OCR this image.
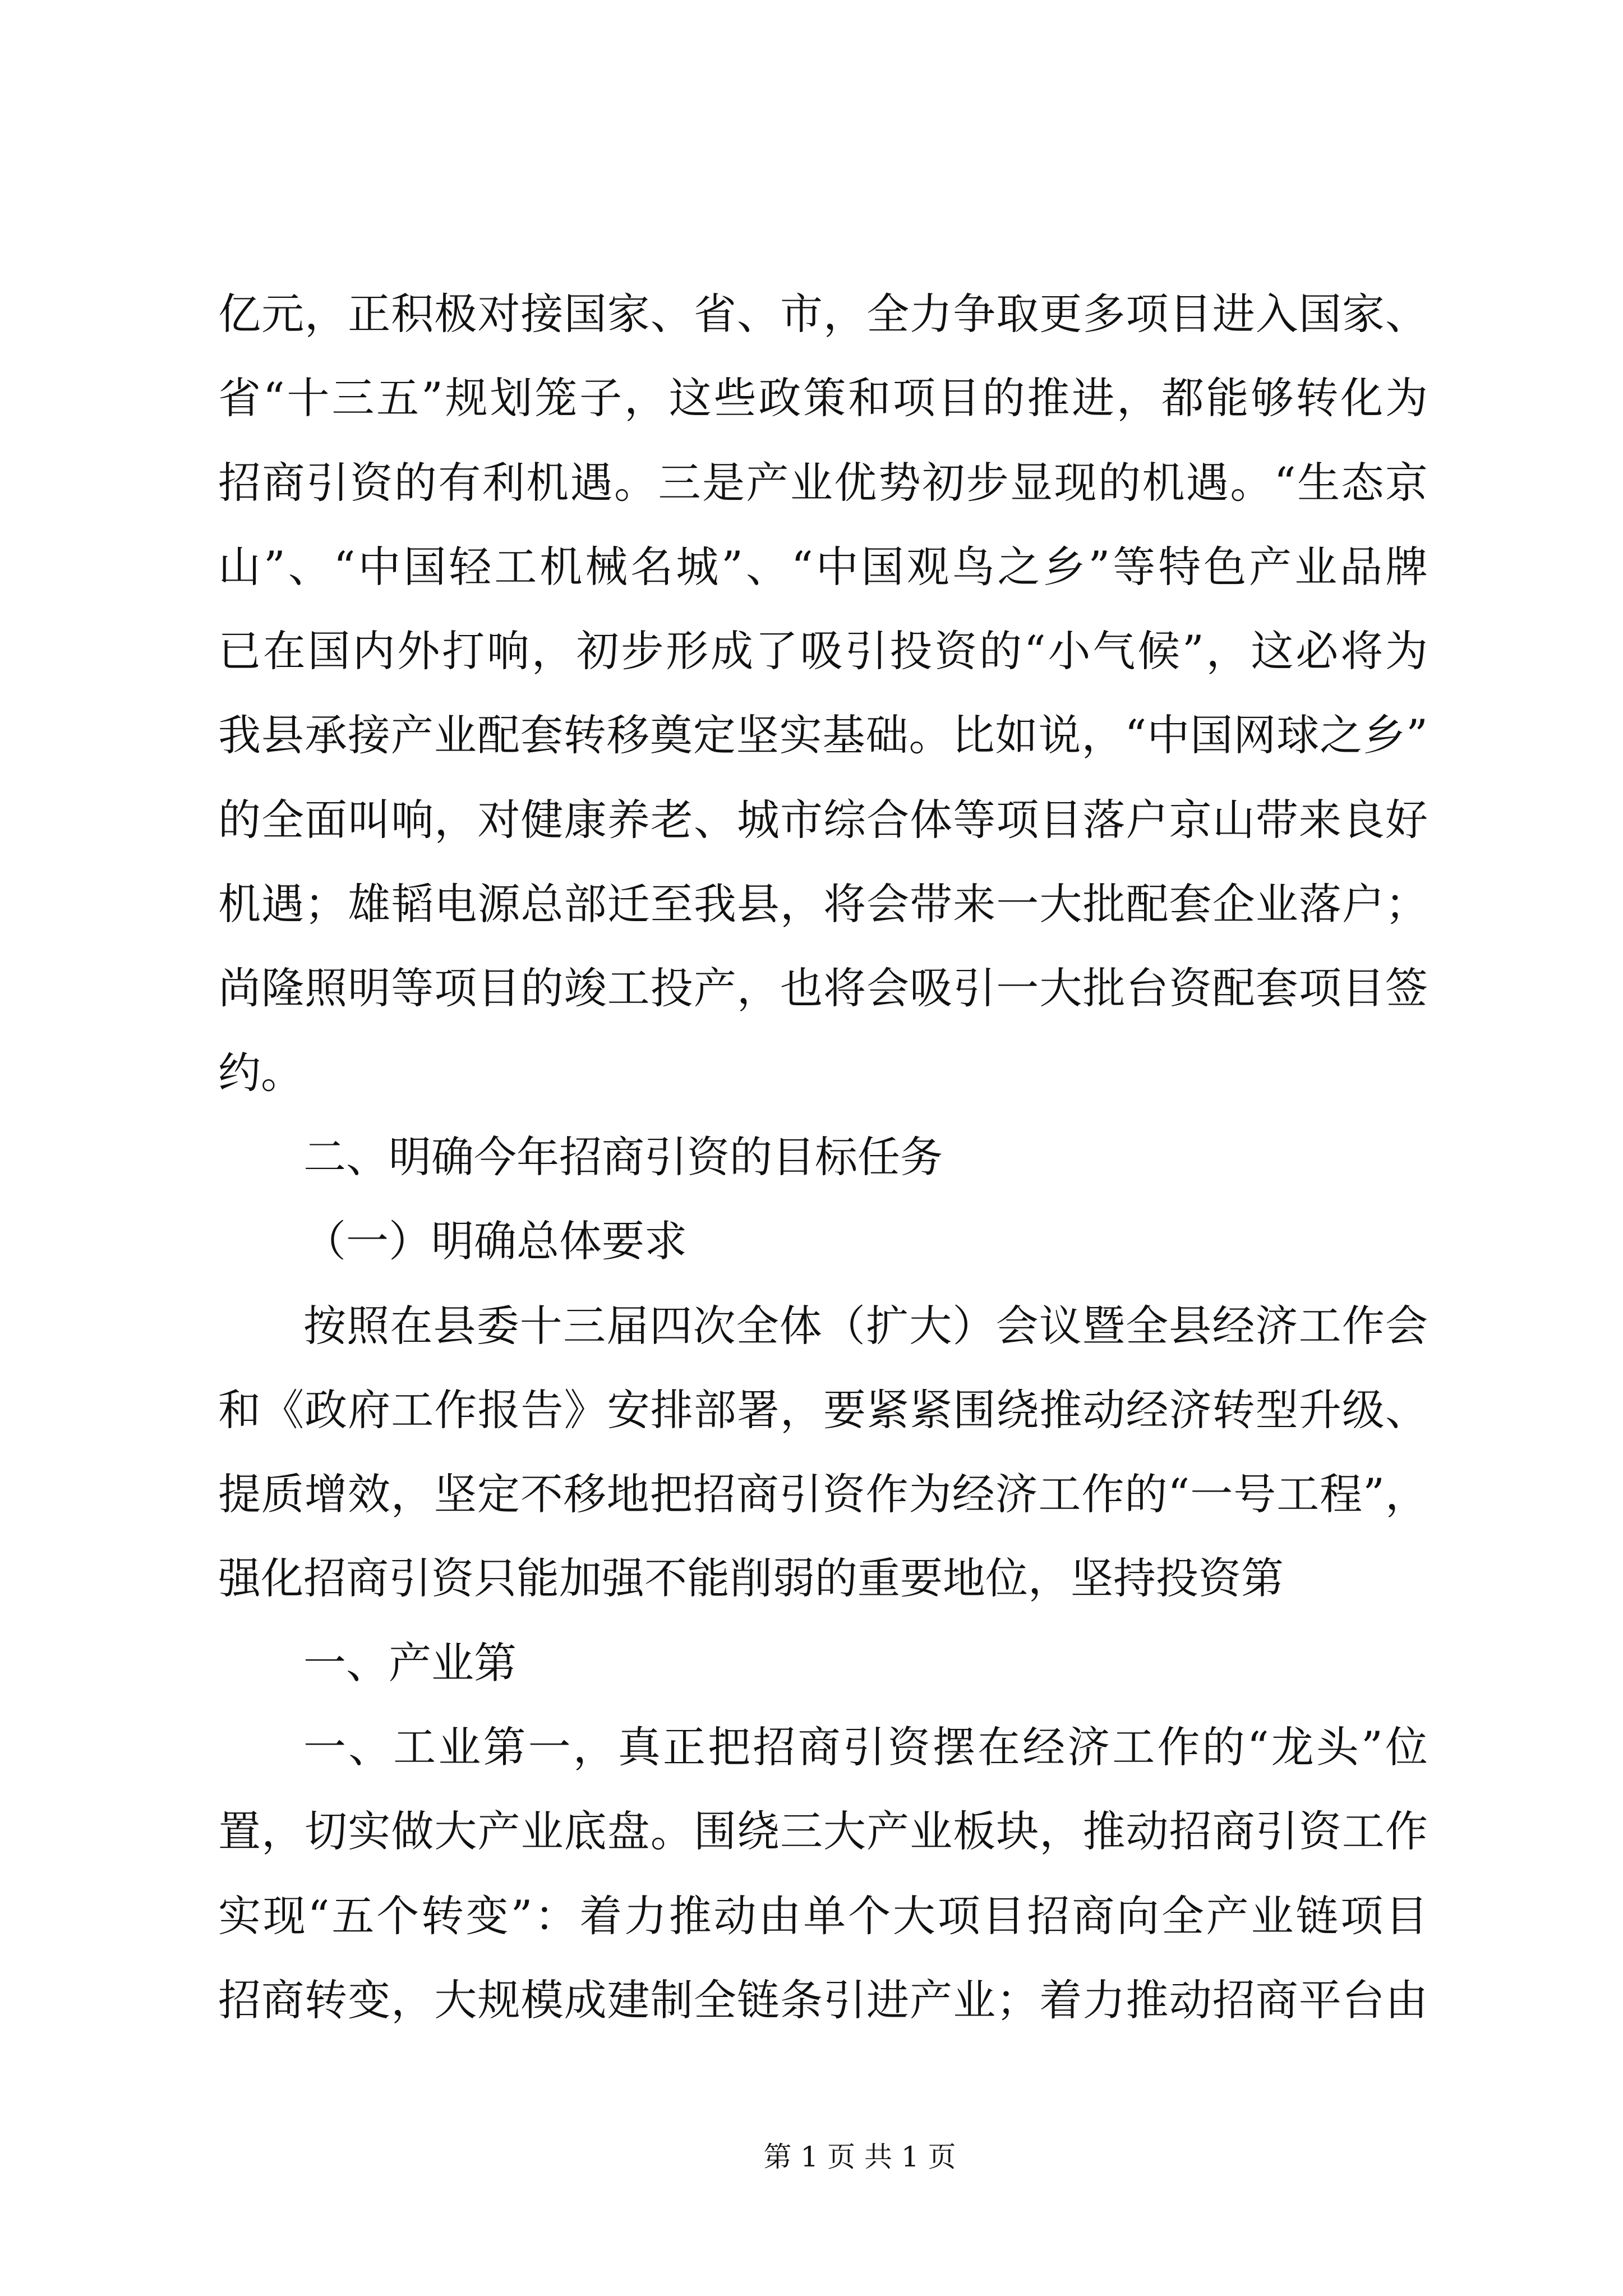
亿元，正积极对接国家、省、市，全力争取更多项目进入国家、
省“十三五”规划笼子，这些政策和项目的推进，都能够转化为
招商引资的有利机遇。三是产业优势初步显现的机遇。“生态京
山”、“中国轻工机械名城”、“中国观鸟之乡”等特色产业品牌
已在国内外打响，初步形成了吸引投资的“小气候”，这必将为
我县承接产业配套转移奠定坚实基础。比如说，“中国网球之乡”
的全面叫响，对健康养老、城市综合体等项目落户京山带来良好
机遇；雄韬电源总部迁至我县，将会带来一大批配套企业落户；
尚隆照明等项目的竣工投产，也将会吸引一大批台资配套项目签
约。
二、明确今年招商引资的目标任务
（一）明确总体要求
按照在县委十三届四次全体（扩大）会议暨全县经济工作会
和《政府工作报告》安排部署，要紧紧围绕推动经济转型升级、
提质增效，坚定不移地把招商引资作为经济工作的“一号工程”，
强化招商引资只能加强不能削弱的重要地位，坚持投资第
一、产业第
一、工业第一，真正把招商引资摆在经济工作的“龙头”位
置，切实做大产业底盘。围绕三大产业板块，推动招商引资工作
实现“五个转变”：着力推动由单个大项目招商向全产业链项目
招商转变，大规模成建制全链条引进产业；着力推动招商平台由
第 1 页 共 1 页
